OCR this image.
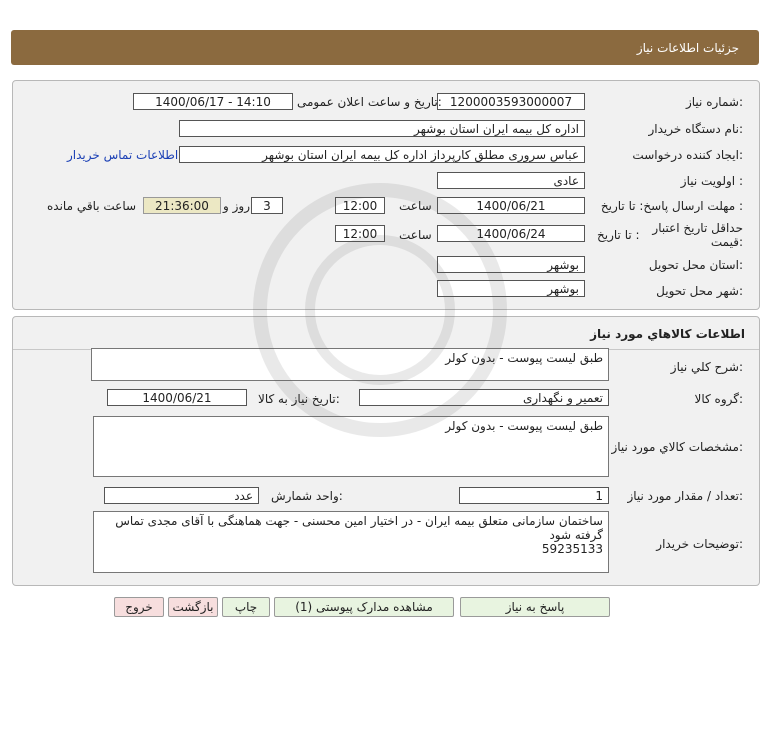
جزئیات اطلاعات نیاز
شماره نیاز:
1200003593000007
تاریخ و ساعت اعلان عمومی:
1400/06/17 - 14:10
نام دستگاه خریدار:
اداره کل بیمه ایران استان بوشهر
ایجاد کننده درخواست:
عباس سروری مطلق کارپرداز اداره کل بیمه ایران استان بوشهر
اطلاعات تماس خریدار
اولویت نیاز :
عادی
مهلت ارسال پاسخ: تا تاریخ :
1400/06/21
ساعت
12:00
3
روز و
21:36:00
ساعت باقي مانده
حداقل تاریخ اعتبار قیمت:
تا تاریخ :
1400/06/24
ساعت
12:00
استان محل تحویل:
بوشهر
شهر محل تحویل:
بوشهر
اطلاعات کالاهاي مورد نياز
شرح کلي نياز:
طبق لیست پیوست - بدون کولر
گروه کالا:
تعمیر و نگهداری
تاريخ نياز به کالا:
1400/06/21
مشخصات کالاي مورد نياز:
طبق لیست پیوست - بدون کولر
تعداد / مقدار مورد نیاز:
1
واحد شمارش:
عدد
توضیحات خریدار:
ساختمان سازمانی متعلق بیمه ایران - در اختیار امین محسنی - جهت هماهنگی با آقای مجدی تماس گرفته شود
59235133
پاسخ به نیاز
مشاهده مدارک پیوستی (1)
چاپ
بازگشت
خروج
